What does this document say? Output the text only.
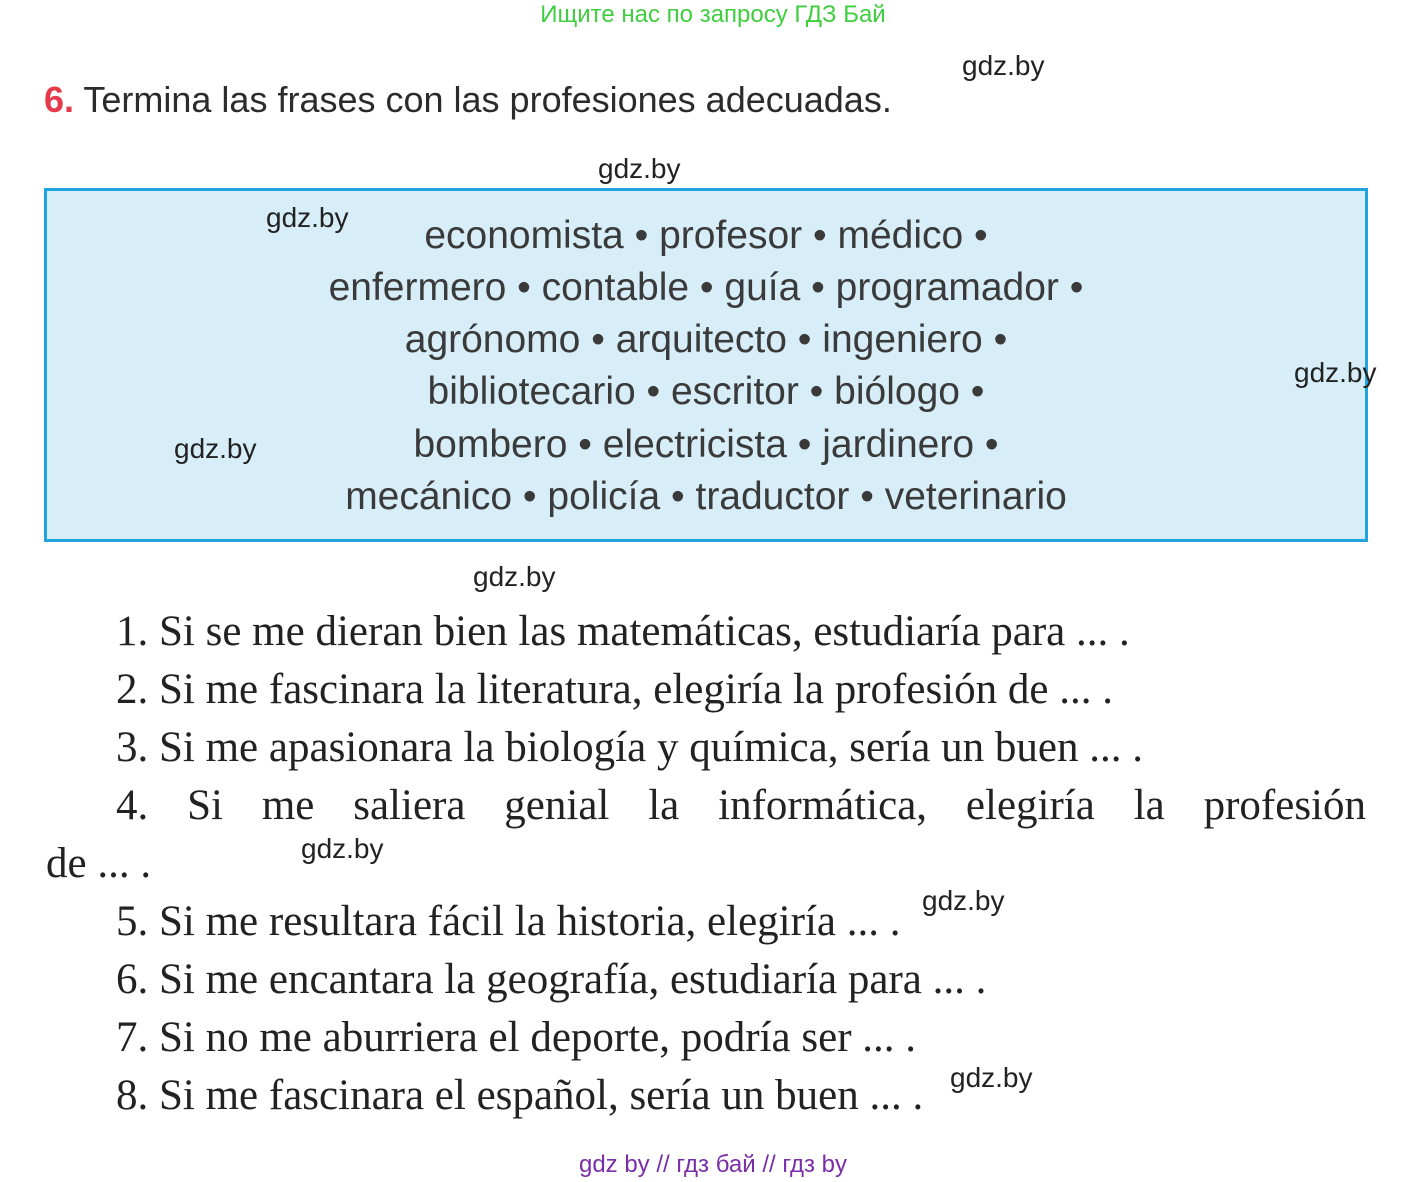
Ищите нас по запросу ГДЗ Бай
6. Termina las frases con las profesiones adecuadas.
economista • profesor • médico •
enfermero • contable • guía • programador •
agrónomo • arquitecto • ingeniero •
bibliotecario • escritor • biólogo •
bombero • electricista • jardinero •
mecánico • policía • traductor • veterinario
1. Si se me dieran bien las matemáticas, estudiaría para ... .
2. Si me fascinara la literatura, elegiría la profesión de ... .
3. Si me apasionara la biología y química, sería un buen ... .
4. Si me saliera genial la informática, elegiría la profesión
de ... .
5. Si me resultara fácil la historia, elegiría ... .
6. Si me encantara la geografía, estudiaría para ... .
7. Si no me aburriera el deporte, podría ser ... .
8. Si me fascinara el español, sería un buen ... .
gdz.by
gdz.by
gdz.by
gdz.by
gdz.by
gdz.by
gdz.by
gdz.by
gdz.by
gdz by // гдз бай // гдз by
